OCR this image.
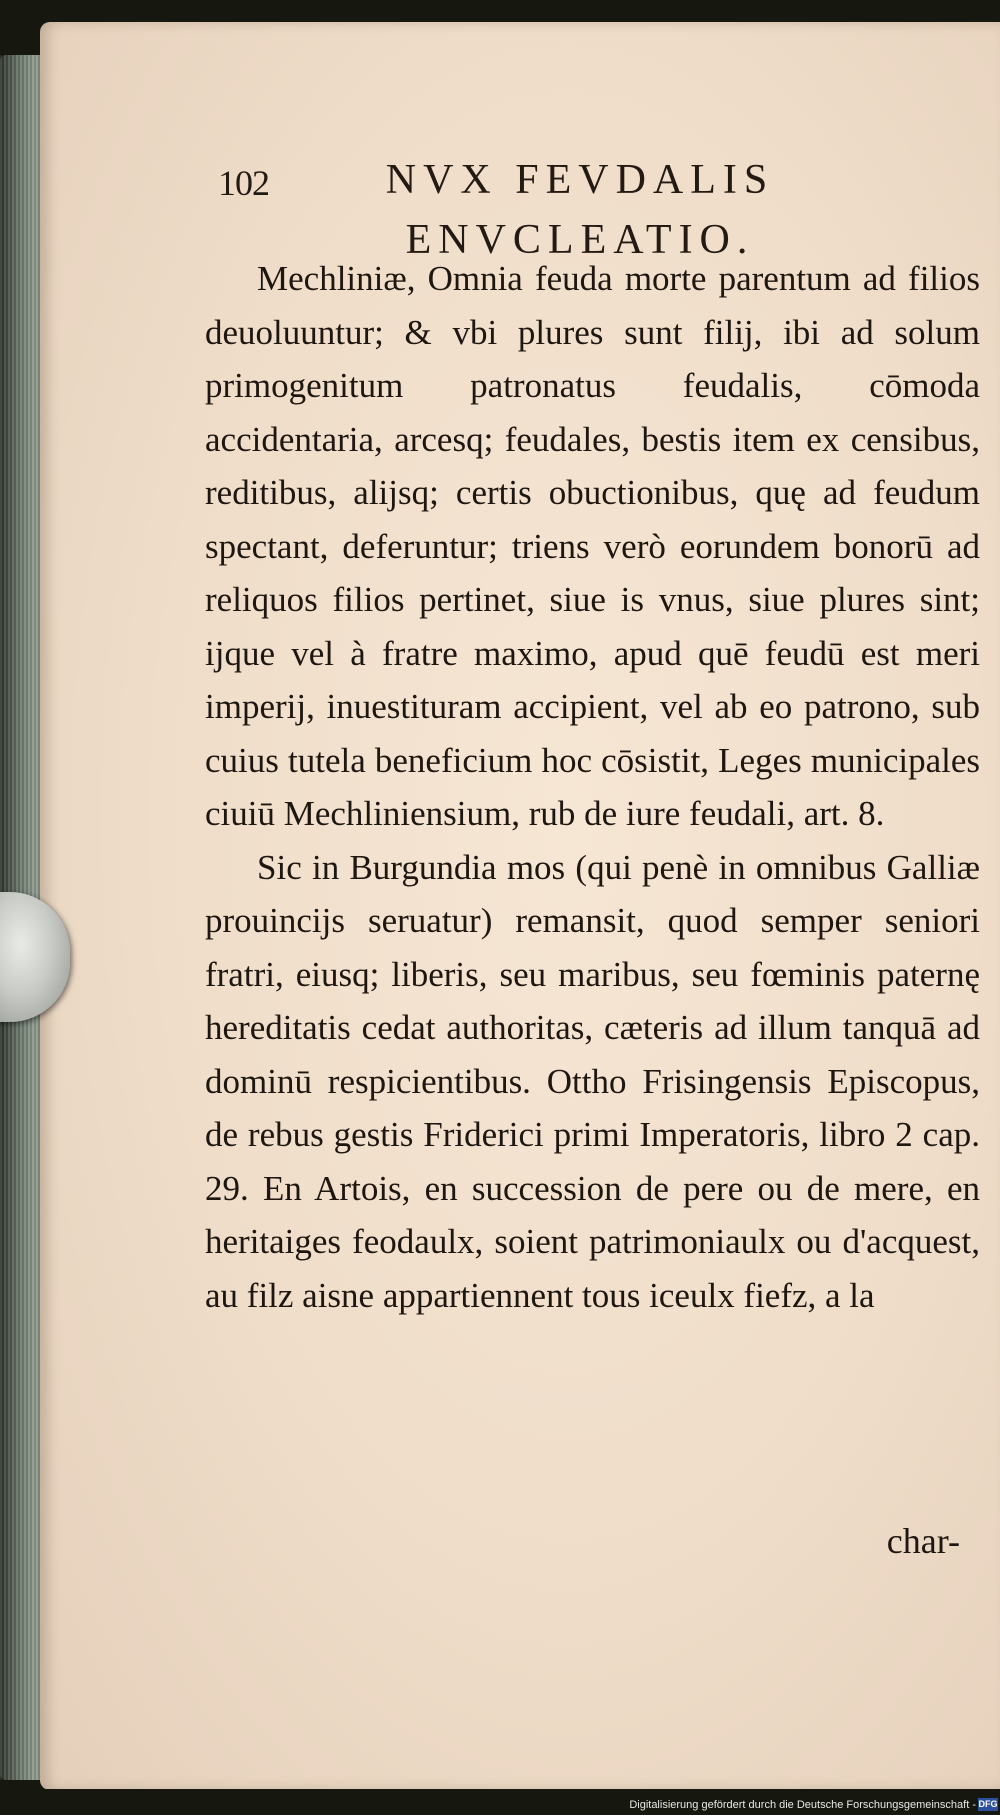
102	NVX FEVDALIS
ENVCLEATIO.

Mechliniæ, Omnia feuda morte parentum ad filios deuoluuntur; & vbi plures sunt filij, ibi ad solum primogenitum patronatus feudalis, cōmoda accidentaria, arcesq; feudales, bestis item ex censibus, reditibus, alijsq; certis obuctionibus, quę ad feudum spectant, deferuntur; triens verò eorundem bonorū ad reliquos filios pertinet, siue is vnus, siue plures sint; ijque vel à fratre maximo, apud quē feudū est meri imperij, inuestituram accipient, vel ab eo patrono, sub cuius tutela beneficium hoc cōsistit, Leges municipales ciuiū Mechliniensium, rub de iure feudali, art. 8.

Sic in Burgundia mos (qui penè in omnibus Galliæ prouincijs seruatur) remansit, quod semper seniori fratri, eiusq; liberis, seu maribus, seu fœminis paternę hereditatis cedat authoritas, cæteris ad illum tanquā ad dominū respicientibus. Ottho Frisingensis Episcopus, de rebus gestis Friderici primi Imperatoris, libro 2 cap. 29. En Artois, en succession de pere ou de mere, en heritaiges feodaulx, soient patrimoniaulx ou d'acquest, au filz aisne appartiennent tous iceulx fiefz, a la

char-
Digitalisierung gefördert durch die Deutsche Forschungsgemeinschaft - DFG
